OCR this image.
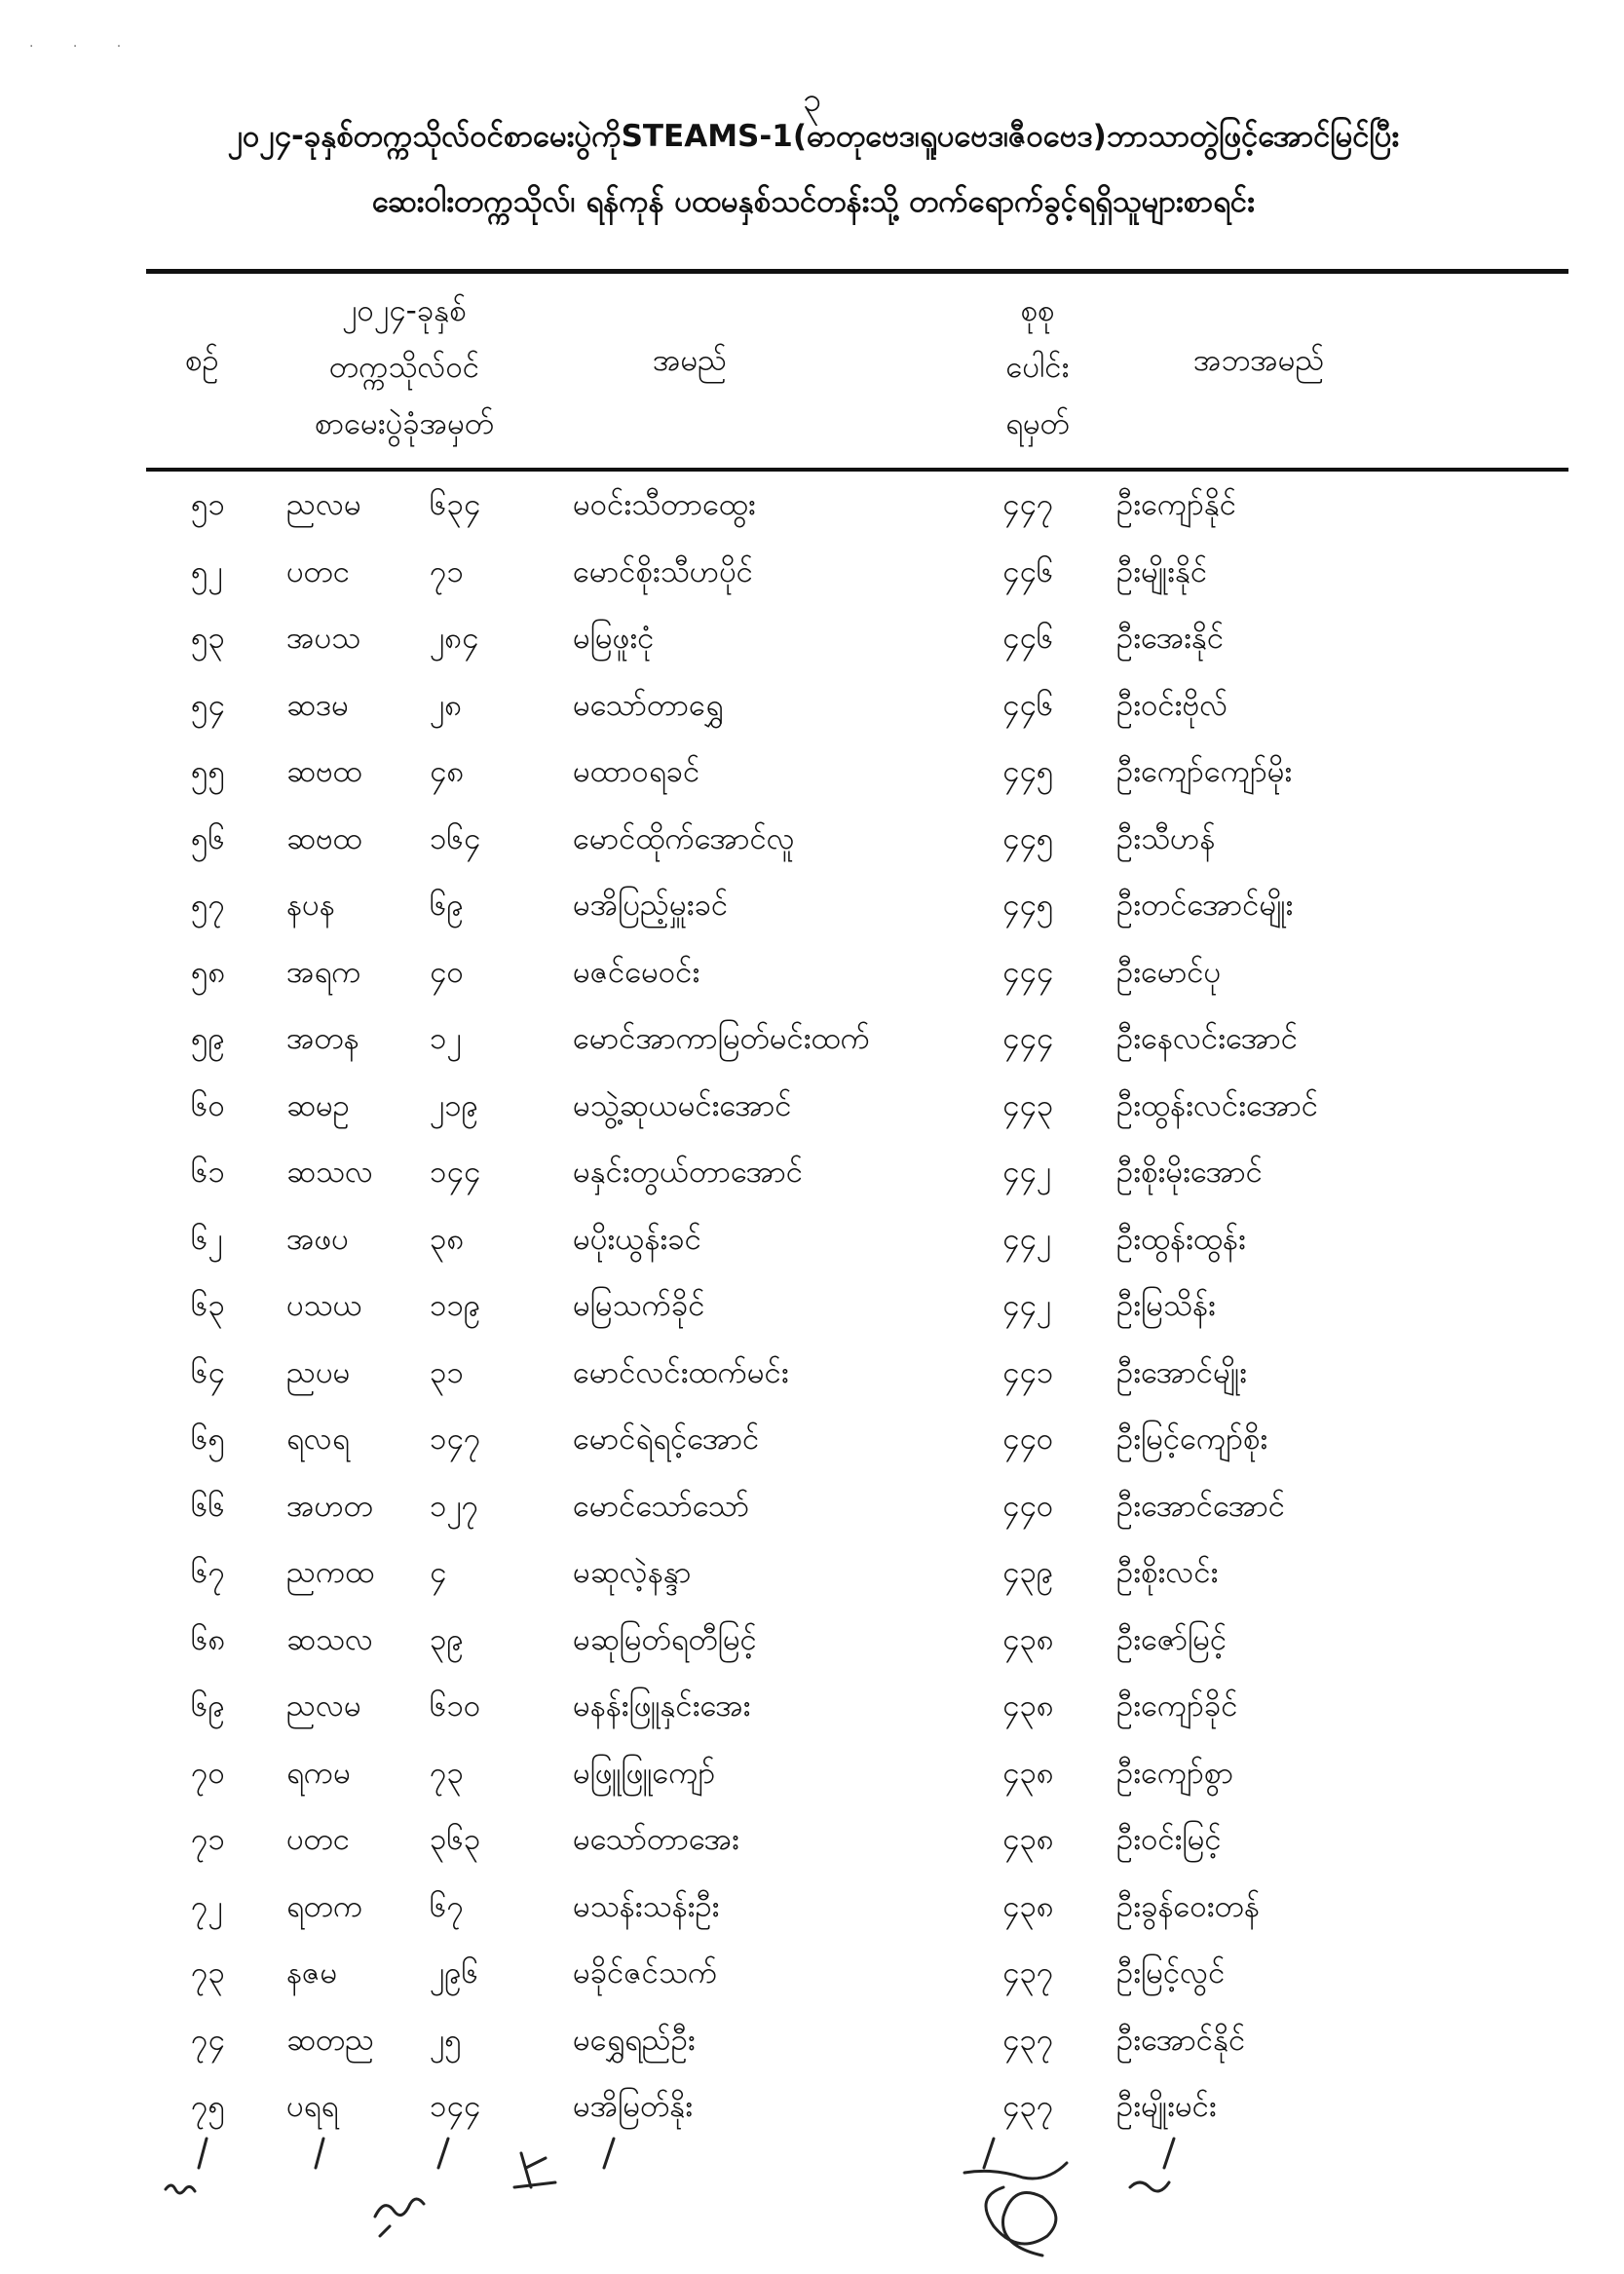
· · ·
၃
၂၀၂၄-ခုနှစ်တက္ကသိုလ်ဝင်စာမေးပွဲကိုSTEAMS-1(ဓာတုဗေဒ၊ရူပဗေဒ၊ဇီဝဗေဒ)ဘာသာတွဲဖြင့်အောင်မြင်ပြီး
ဆေးဝါးတက္ကသိုလ်၊ ရန်ကုန် ပထမနှစ်သင်တန်းသို့ တက်ရောက်ခွင့်ရရှိသူများစာရင်း
စဉ်
၂၀၂၄-ခုနှစ်
တက္ကသိုလ်ဝင်
စာမေးပွဲခုံအမှတ်
အမည်
စုစု
ပေါင်း
ရမှတ်
အဘအမည်
၅၁ ညလမ ၆၃၄	မဝင်းသီတာထွေး	၄၄၇ ဦးကျော်နိုင်
၅၂ ပတင	၇၁	မောင်စိုးသီဟပိုင်	၄၄၆ ဦးမျိုးနိုင်
၅၃ အပသ ၂၈၄	မမြဖူးငုံ	၄၄၆ ဦးအေးနိုင်
၅၄ ဆဒမ	၂၈	မသော်တာရွှေ	၄၄၆ ဦးဝင်းဗိုလ်
၅၅ ဆဗထ ၄၈	မထာဝရခင်	၄၄၅ ဦးကျော်ကျော်မိုး
၅၆ ဆဗထ ၁၆၄	မောင်ထိုက်အောင်လူ	၄၄၅ ဦးသီဟန်
၅၇ နပန	၆၉	မအိပြည့်မှူးခင်	၄၄၅ ဦးတင်အောင်မျိုး
၅၈ အရက ၄၀	မဇင်မေဝင်း	၄၄၄ ဦးမောင်ပု
၅၉ အတန ၁၂	မောင်အာကာမြတ်မင်းထက်	၄၄၄ ဦးနေလင်းအောင်
၆၀ ဆမဥ	၂၁၉	မသွဲ့ဆုယမင်းအောင်	၄၄၃ ဦးထွန်းလင်းအောင်
၆၁ ဆသလ ၁၄၄	မနှင်းတွယ်တာအောင်	၄၄၂ ဦးစိုးမိုးအောင်
၆၂ အဖပ	၃၈	မပိုးယွန်းခင်	၄၄၂ ဦးထွန်းထွန်း
၆၃ ပသယ ၁၁၉	မမြသက်ခိုင်	၄၄၂ ဦးမြသိန်း
၆၄ ညပမ	၃၁	မောင်လင်းထက်မင်း	၄၄၁ ဦးအောင်မျိုး
၆၅ ရလရ	၁၄၇	မောင်ရဲရင့်အောင်	၄၄၀ ဦးမြင့်ကျော်စိုး
၆၆ အဟတ ၁၂၇	မောင်သော်သော်	၄၄၀ ဦးအောင်အောင်
၆၇ ညကထ ၄	မဆုလဲ့နန္ဒာ	၄၃၉ ဦးစိုးလင်း
၆၈ ဆသလ ၃၉	မဆုမြတ်ရတီမြင့်	၄၃၈ ဦးဇော်မြင့်
၆၉ ညလမ ၆၁၀	မနန်းဖြူနှင်းအေး	၄၃၈ ဦးကျော်ခိုင်
၇၀ ရကမ	၇၃	မဖြူဖြူကျော်	၄၃၈ ဦးကျော်စွာ
၇၁ ပတင	၃၆၃	မသော်တာအေး	၄၃၈ ဦးဝင်းမြင့်
၇၂ ရတက ၆၇	မသန်းသန်းဦး	၄၃၈ ဦးခွန်ဝေးတန်
၇၃ နဇမ	၂၉၆	မခိုင်ဇင်သက်	၄၃၇ ဦးမြင့်လွင်
၇၄ ဆတည ၂၅	မရွှေရည်ဦး	၄၃၇ ဦးအောင်နိုင်
၇၅ ပရရ	၁၄၄	မအိမြတ်နိုး	၄၃၇ ဦးမျိုးမင်း
